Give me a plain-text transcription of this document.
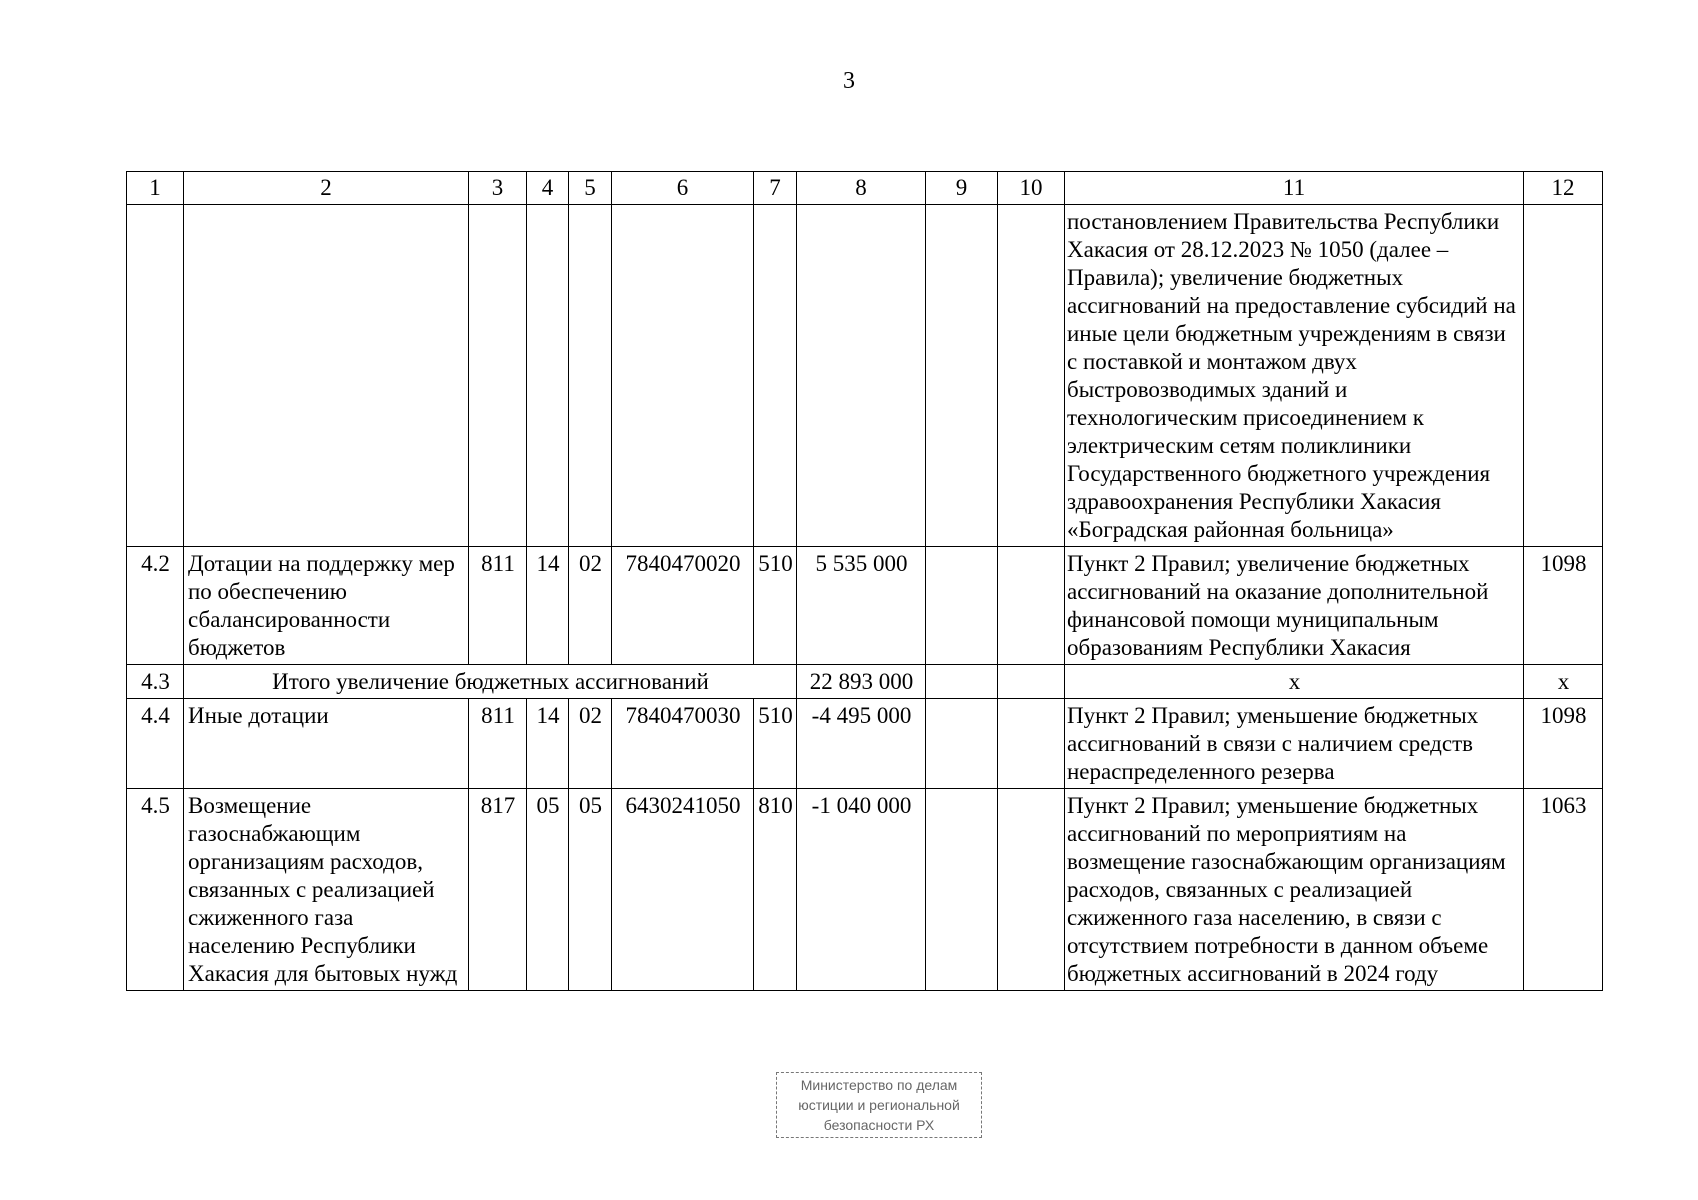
3
1	2	3	4	5	6	7	8	9	10	11	12
										постановлением Правительства Республики Хакасия от 28.12.2023 № 1050 (далее – Правила); увеличение бюджетных ассигнований на предоставление субсидий на иные цели бюджетным учреждениям в связи с поставкой и монтажом двух быстровозводимых зданий и технологическим присоединением к электрическим сетям поликлиники Государственного бюджетного учреждения здравоохранения Республики Хакасия «Боградская районная больница»	
4.2	Дотации на поддержку мер по обеспечению сбалансированности бюджетов	811	14	02	7840470020	510	5 535 000			Пункт 2 Правил; увеличение бюджетных ассигнований на оказание дополнительной финансовой помощи муниципальным образованиям Республики Хакасия	1098
4.3	Итого увеличение бюджетных ассигнований						22 893 000			x	x
4.4	Иные дотации	811	14	02	7840470030	510	-4 495 000			Пункт 2 Правил; уменьшение бюджетных ассигнований в связи с наличием средств нераспределенного резерва	1098
4.5	Возмещение газоснабжающим организациям расходов, связанных с реализацией сжиженного газа населению Республики Хакасия для бытовых нужд	817	05	05	6430241050	810	-1 040 000			Пункт 2 Правил; уменьшение бюджетных ассигнований по мероприятиям на возмещение газоснабжающим организациям расходов, связанных с реализацией сжиженного газа населению, в связи с отсутствием потребности в данном объеме бюджетных ассигнований в 2024 году	1063
Министерство по делам
юстиции и региональной
безопасности РХ
